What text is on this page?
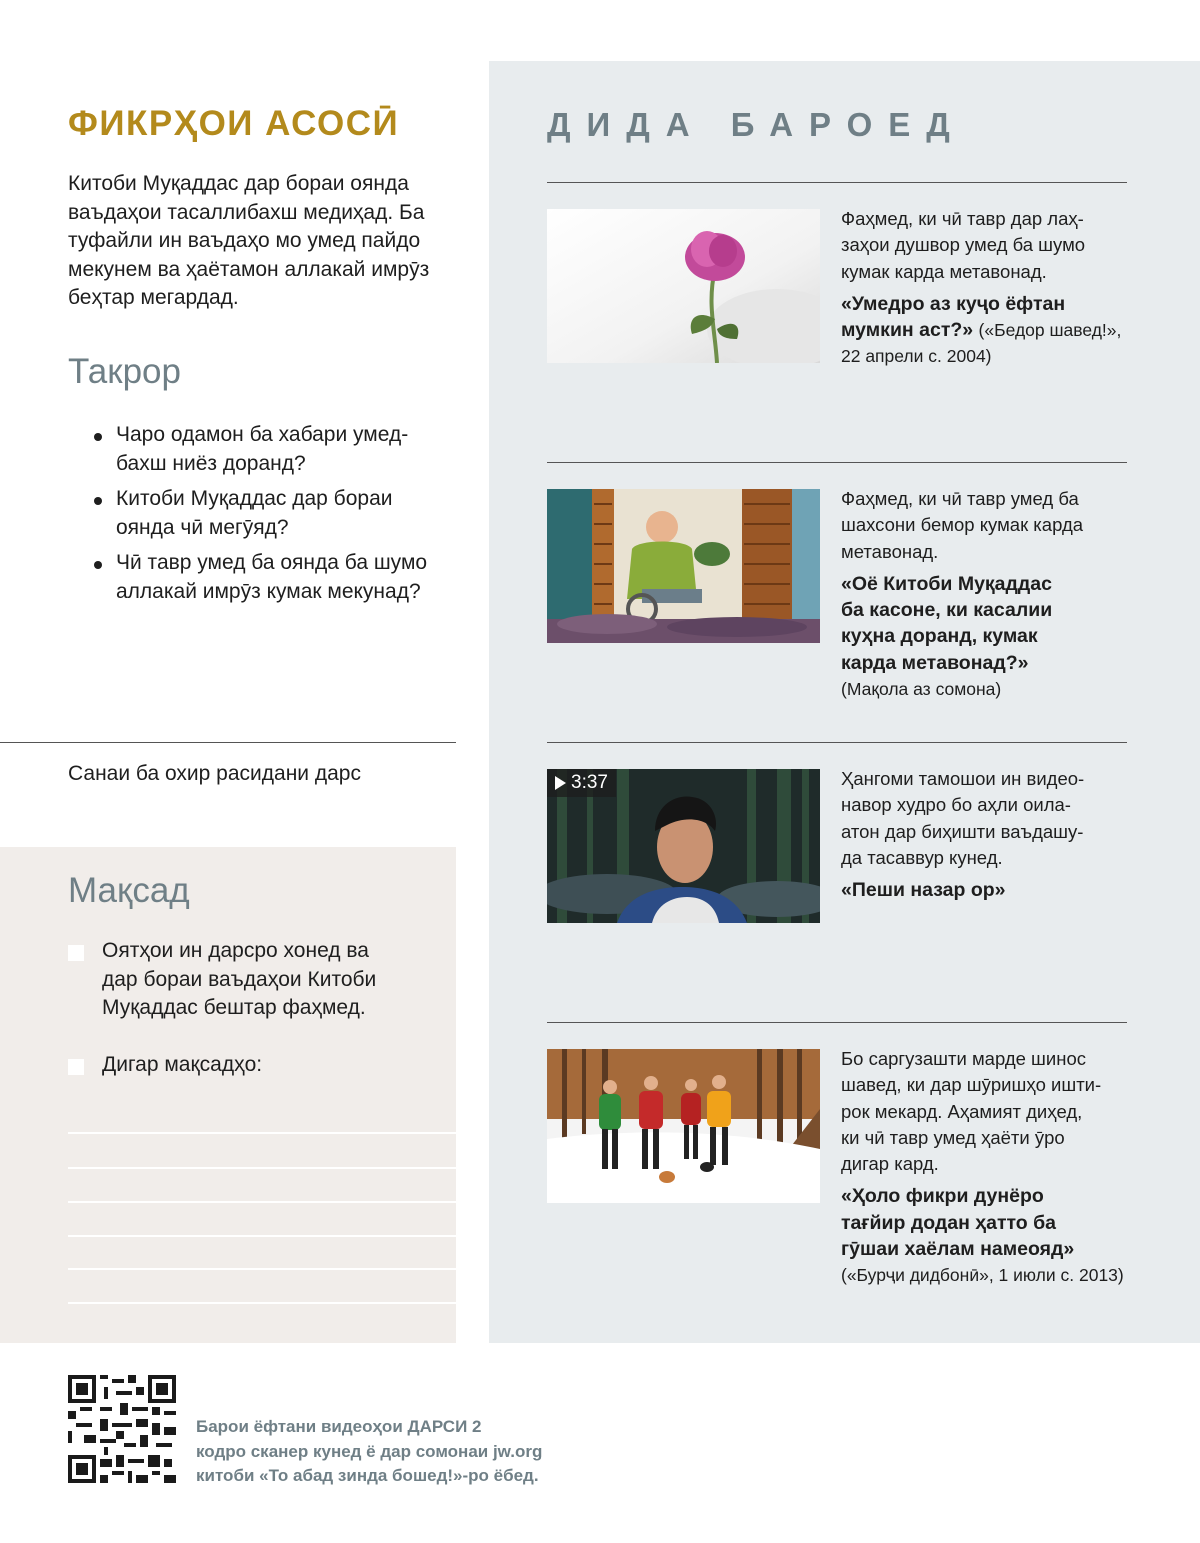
ФИКРҲОИ АСОСӢ

Китоби Муқаддас дар бораи оянда
ваъдаҳои тасаллибахш медиҳад. Ба
туфайли ин ваъдаҳо мо умед пайдо
мекунем ва ҳаётамон аллакай имрӯз
беҳтар мегардад.

Такрор
Чаро одамон ба хабари умед-
бахш ниёз доранд?
Китоби Муқаддас дар бораи
оянда чӣ мегӯяд?
Чӣ тавр умед ба оянда ба шумо
аллакай имрӯз кумак мекунад?
Санаи ба охир расидани дарс
Мақсад
Оятҳои ин дарсро хонед ва
дар бораи ваъдаҳои Китоби
Муқаддас бештар фаҳмед.
Дигар мақсадҳо:
ДИДА БАРОЕД
Фаҳмед, ки чӣ тавр дар лаҳ-
заҳои душвор умед ба шумо
кумак карда метавонад.
«Умедро аз куҷо ёфтан
мумкин аст?» («Бедор шавед!»,
22 апрели с. 2004)
Фаҳмед, ки чӣ тавр умед ба
шахсони бемор кумак карда
метавонад.
«Оё Китоби Муқаддас
ба касоне, ки касалии
куҳна доранд, кумак
карда метавонад?»
(Мақола аз сомона)
3:37	Ҳангоми тамошои ин видео-
навор худро бо аҳли оила-
атон дар биҳишти ваъдашу-
да тасаввур кунед.
«Пеши назар ор»
Бо саргузашти марде шинос
шавед, ки дар шӯришҳо ишти-
рок мекард. Аҳамият диҳед,
ки чӣ тавр умед ҳаёти ӯро
дигар кард.
«Ҳоло фикри дунёро
тағйир додан ҳатто ба
гӯшаи хаёлам намеояд»
(«Бурҷи дидбонӣ», 1 июли с. 2013)
Барои ёфтани видеоҳои ДАРСИ 2
кодро сканер кунед ё дар сомонаи jw.org
китоби «То абад зинда бошед!»-ро ёбед.
